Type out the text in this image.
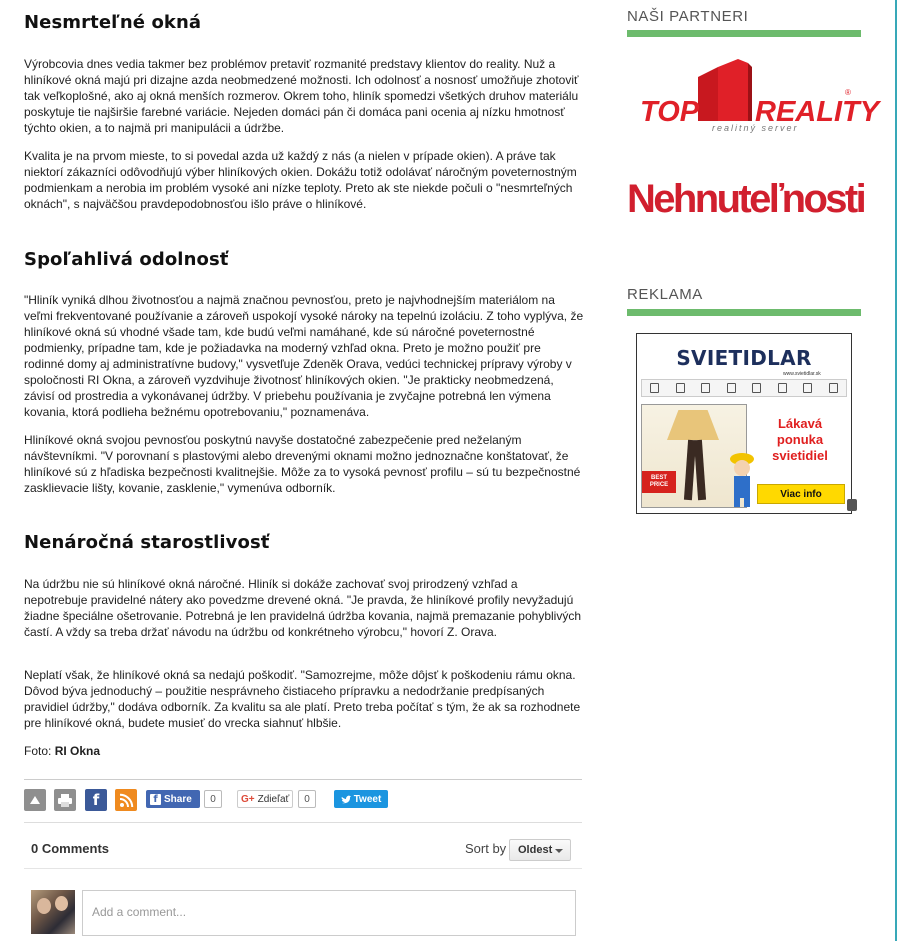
Nesmrteľné okná

Výrobcovia dnes vedia takmer bez problémov pretaviť rozmanité predstavy klientov do reality. Nuž a hliníkové okná majú pri dizajne azda neobmedzené možnosti. Ich odolnosť a nosnosť umožňuje zhotoviť tak veľkoplošné, ako aj okná menších rozmerov. Okrem toho, hliník spomedzi všetkých druhov materiálu poskytuje tie najširšie farebné variácie. Nejeden domáci pán či domáca pani ocenia aj nízku hmotnosť týchto okien, a to najmä pri manipulácii a údržbe.

Kvalita je na prvom mieste, to si povedal azda už každý z nás (a nielen v prípade okien). A práve tak niektorí zákazníci odôvodňujú výber hliníkových okien. Dokážu totiž odolávať náročným poveternostným podmienkam a nerobia im problém vysoké ani nízke teploty. Preto ak ste niekde počuli o "nesmrteľných oknách", s najväčšou pravdepodobnosťou išlo práve o hliníkové.

Spoľahlivá odolnosť

"Hliník vyniká dlhou životnosťou a najmä značnou pevnosťou, preto je najvhodnejším materiálom na veľmi frekventované používanie a zároveň uspokojí vysoké nároky na tepelnú izoláciu. Z toho vyplýva, že hliníkové okná sú vhodné všade tam, kde budú veľmi namáhané, kde sú náročné poveternostné podmienky, prípadne tam, kde je požiadavka na moderný vzhľad okna. Preto je možno použiť pre rodinné domy aj administratívne budovy," vysvetľuje Zdeněk Orava, vedúci technickej prípravy výroby v spoločnosti RI Okna, a zároveň vyzdvihuje životnosť hliníkových okien. "Je prakticky neobmedzená, závisí od prostredia a vykonávanej údržby. V priebehu používania je zvyčajne potrebná len výmena kovania, ktorá podlieha bežnému opotrebovaniu," poznamenáva.

Hliníkové okná svojou pevnosťou poskytnú navyše dostatočné zabezpečenie pred neželaným návštevníkmi. "V porovnaní s plastovými alebo drevenými oknami možno jednoznačne konštatovať, že hliníkové sú z hľadiska bezpečnosti kvalitnejšie. Môže za to vysoká pevnosť profilu – sú tu bezpečnostné zasklievacie lišty, kovanie, zasklenie," vymenúva odborník.

Nenáročná starostlivosť

Na údržbu nie sú hliníkové okná náročné. Hliník si dokáže zachovať svoj prirodzený vzhľad a nepotrebuje pravidelné nátery ako povedzme drevené okná. "Je pravda, že hliníkové profily nevyžadujú žiadne špeciálne ošetrovanie. Potrebná je len pravidelná údržba kovania, najmä premazanie pohyblivých častí. A vždy sa treba držať návodu na údržbu od konkrétneho výrobcu," hovorí Z. Orava.

Neplatí však, že hliníkové okná sa nedajú poškodiť. "Samozrejme, môže dôjsť k poškodeniu rámu okna. Dôvod býva jednoduchý – použitie nesprávneho čistiaceho prípravku a nedodržanie predpísaných pravidiel údržby," dodáva odborník. Za kvalitu sa ale platí. Preto treba počítať s tým, že ak sa rozhodnete pre hliníkové okná, budete musieť do vrecka siahnuť hlbšie.

Foto: RI Okna

f	f Share	0	G+ Zdieľať	0	Tweet
0 Comments	Sort by Oldest
Add a comment...
NAŠI PARTNERI
TOP REALITY
®
realitný server
Nehnuteľnosti
REKLAMA
SVIETIDLAR
www.svietidlar.sk
BEST PRICE
Lákavá
ponuka
svietidiel
Viac info
